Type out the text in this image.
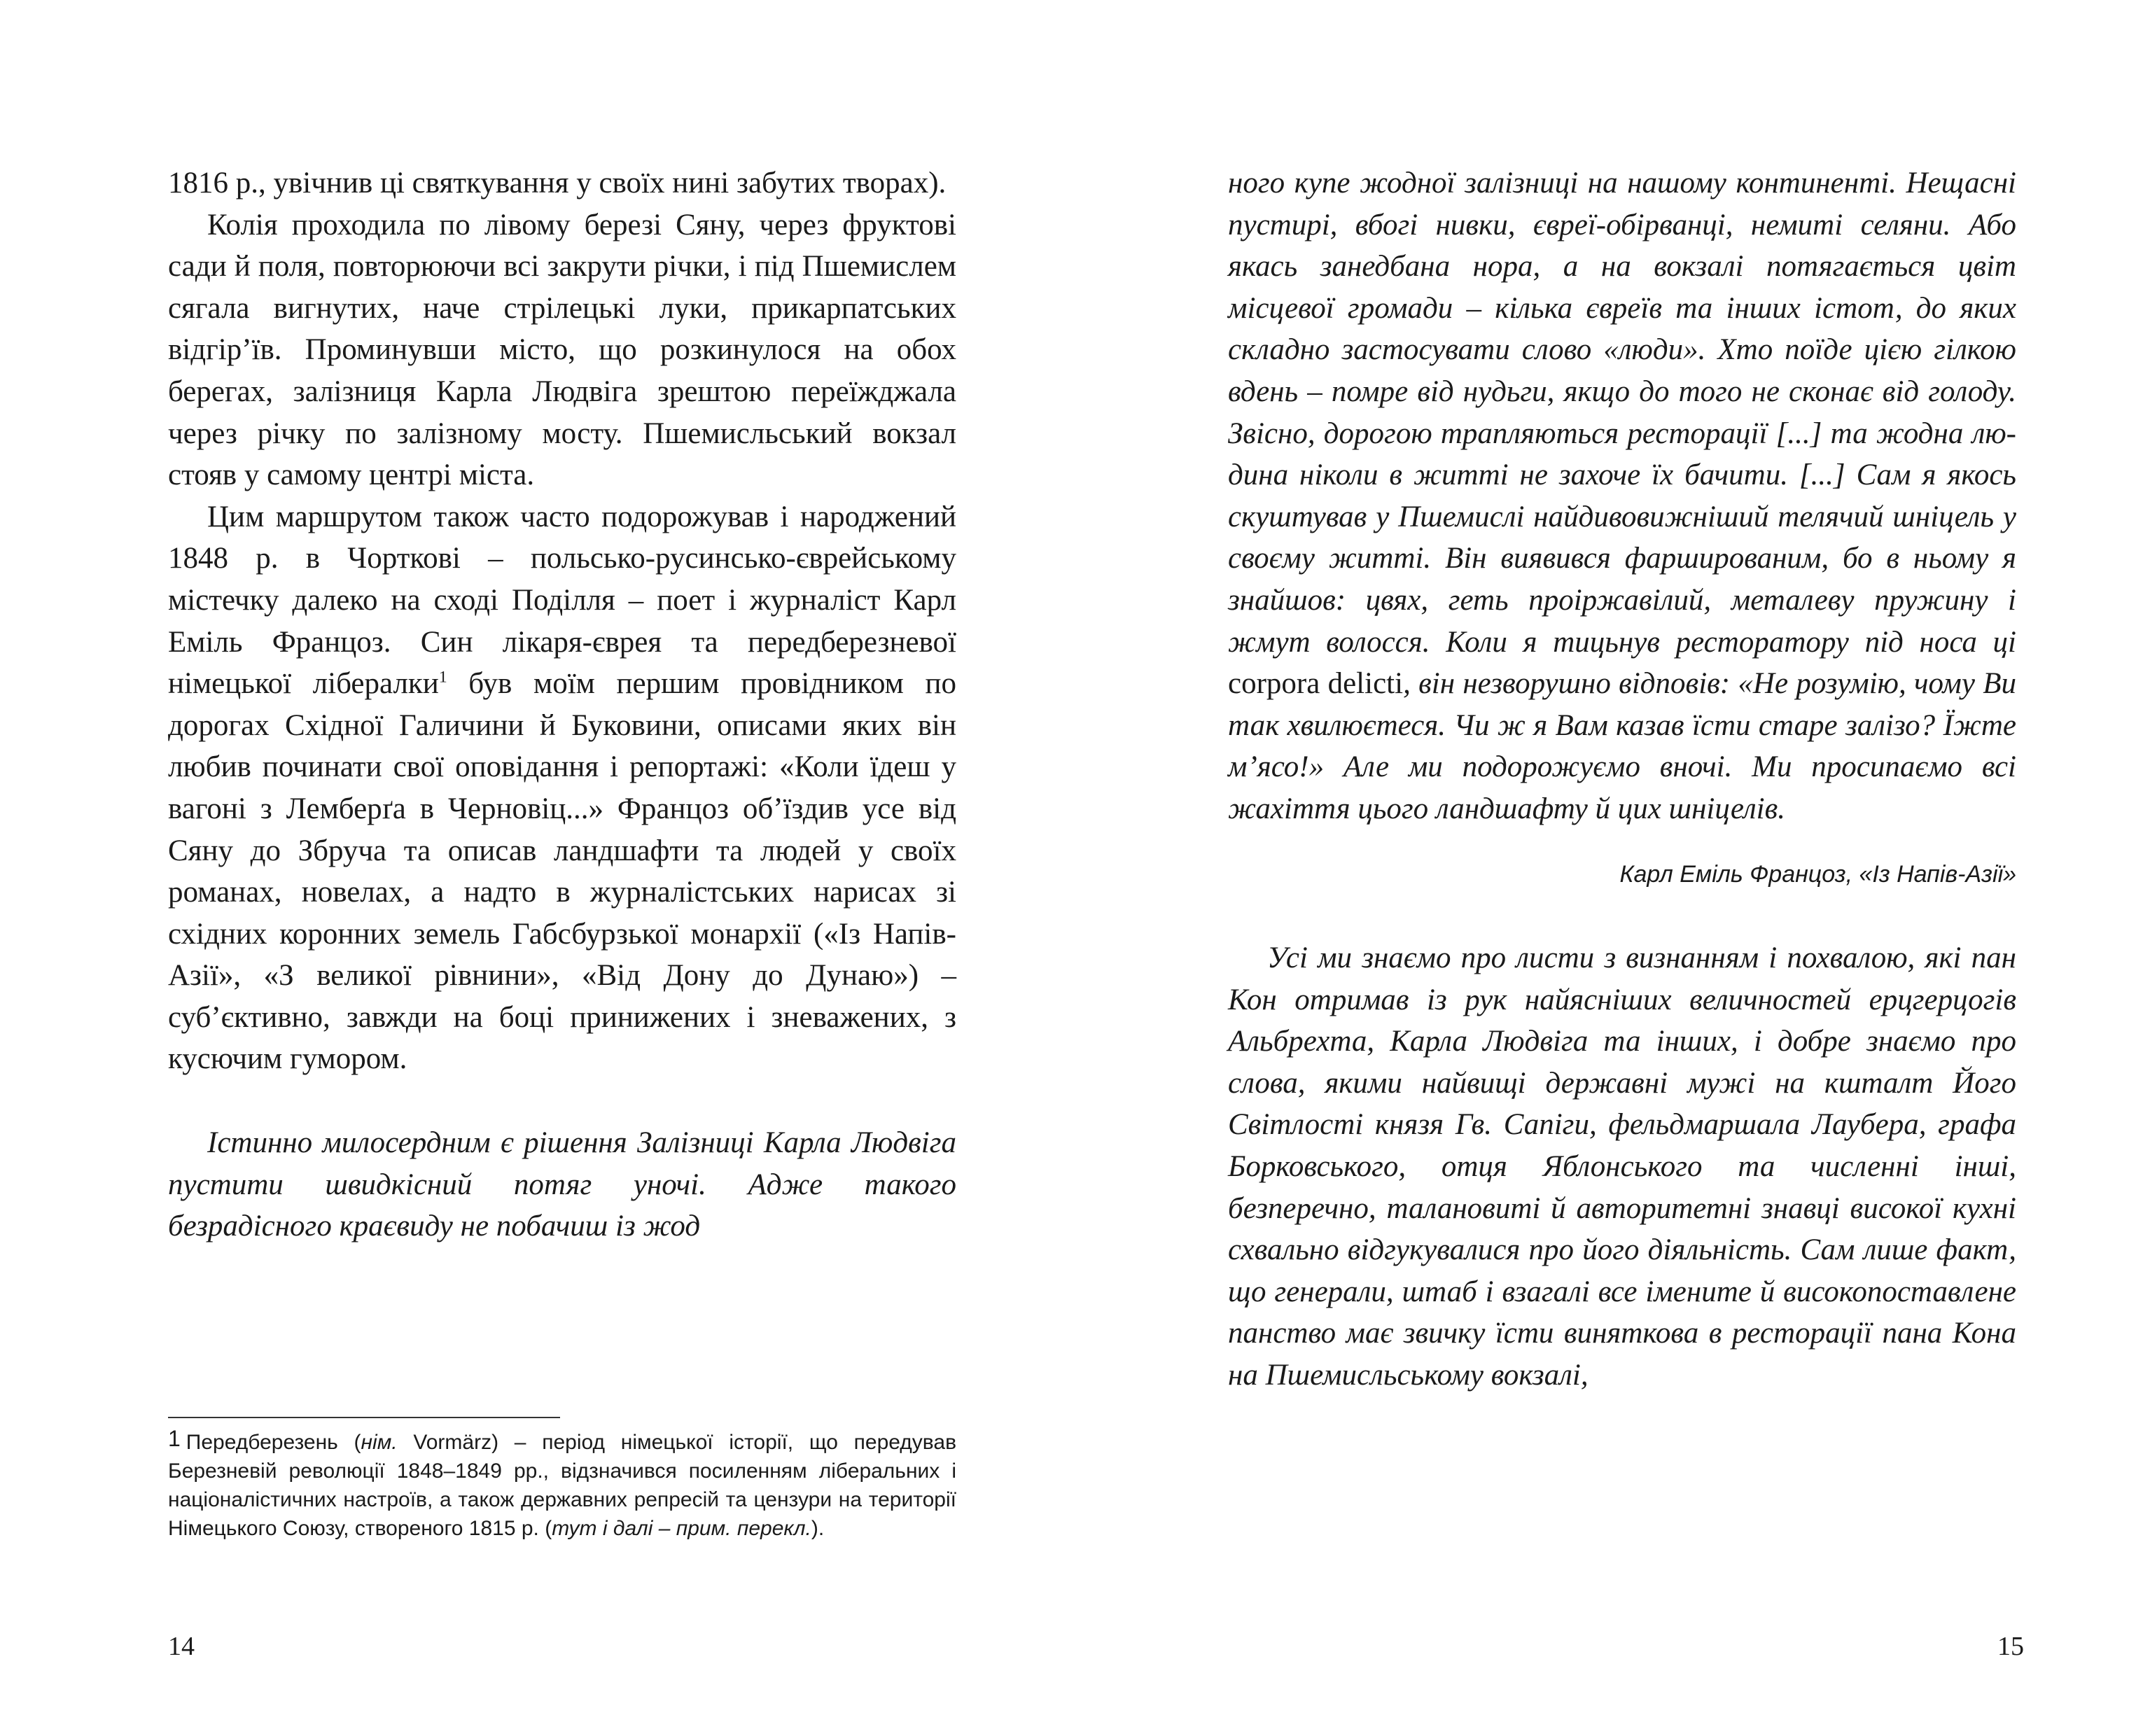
1816 р., увічнив ці святкування у своїх нині забутих творах).

Колія проходила по лівому березі Сяну, через фруктові сади й поля, повторюючи всі закрути річки, і під Пшемислем сягала вигнутих, наче стрілецькі луки, прикарпатських відгір’їв. Проминувши місто, що розкинулося на обох берегах, залізниця Карла Людвіга зрештою переїжджала через річку по залізному мосту. Пшемисльський вокзал стояв у самому центрі міста.

Цим маршрутом також часто подорожував і народжений 1848 р. в Чорткові – польсько-русинсько-єврейському містечку далеко на сході Поділля – поет і журналіст Карл Еміль Францоз. Син лікаря-єврея та передберезневої німецької лібералки$^1$ був моїм першим провідником по дорогах Східної Галичини й Буковини, описами яких він любив починати свої оповідання і репортажі: «Коли їдеш у вагоні з Лемберґа в Черновіц...» Францоз об’їздив усе від Сяну до Збруча та описав ландшафти та людей у своїх романах, новелах, а надто в журналістських нарисах зі східних коронних земель Габсбурзької монархії («Із Напів-Азії», «З великої рівнини», «Від Дону до Дунаю») – суб’єктивно, завжди на боці принижених і зневажених, з кусючим гумором.

Істинно милосердним є рішення Залізниці Карла Людвіга пустити швидкісний потяг уночі. Адже такого безрадісного краєвиду не побачиш із жод

1 Передберезень (нім. Vormärz) – період німецької історії, що передував Березневій революції 1848–1849 рр., відзначився посиленням ліберальних і націоналістичних настроїв, а також державних репресій та цензури на території Німецького Союзу, створеного 1815 р. (тут і далі – прим. перекл.).
14

ного купе жодної залізниці на нашому континенті. Нещасні пустирі, вбогі нивки, євреї-обірванці, немиті селяни. Або якась занедбана нора, а на вокзалі потягається цвіт місцевої громади – кілька євреїв та інших істот, до яких складно застосувати слово «люди». Хто поїде цією гілкою вдень – помре від нудьги, якщо до того не сконає від голоду. Звісно, дорогою трапляються ресторації [...] та жодна людина ніколи в житті не захоче їх бачити. [...] Сам я якось скуштував у Пшемислі найдивовижніший телячий шніцель у своєму житті. Він виявився фаршированим, бо в ньому я знайшов: цвях, геть проіржавілий, металеву пружину і жмут волосся. Коли я тицьнув ресторатору під носа ці corpora delicti, він незворушно відповів: «Не розумію, чому Ви так хвилюєтеся. Чи ж я Вам казав їсти старе залізо? Їжте м’ясо!» Але ми подорожуємо вночі. Ми просипаємо всі жахіття цього ландшафту й цих шніцелів.

Карл Еміль Францоз, «Із Напів-Азії»

Усі ми знаємо про листи з визнанням і похвалою, які пан Кон отримав із рук найясніших величностей ерцгерцогів Альбрехта, Карла Людвіга та інших, і добре знаємо про слова, якими найвищі державні мужі на кшталт Його Світлості князя Гв. Сапіги, фельдмаршала Лаубера, графа Борковського, отця Яблонського та численні інші, безперечно, талановиті й авторитетні знавці високої кухні схвально відгукувалися про його діяльність. Сам лише факт, що генерали, штаб і взагалі все імените й високопоставлене панство має звичку їсти виняткова в ресторації пана Кона на Пшемисльському вокзалі,

15
